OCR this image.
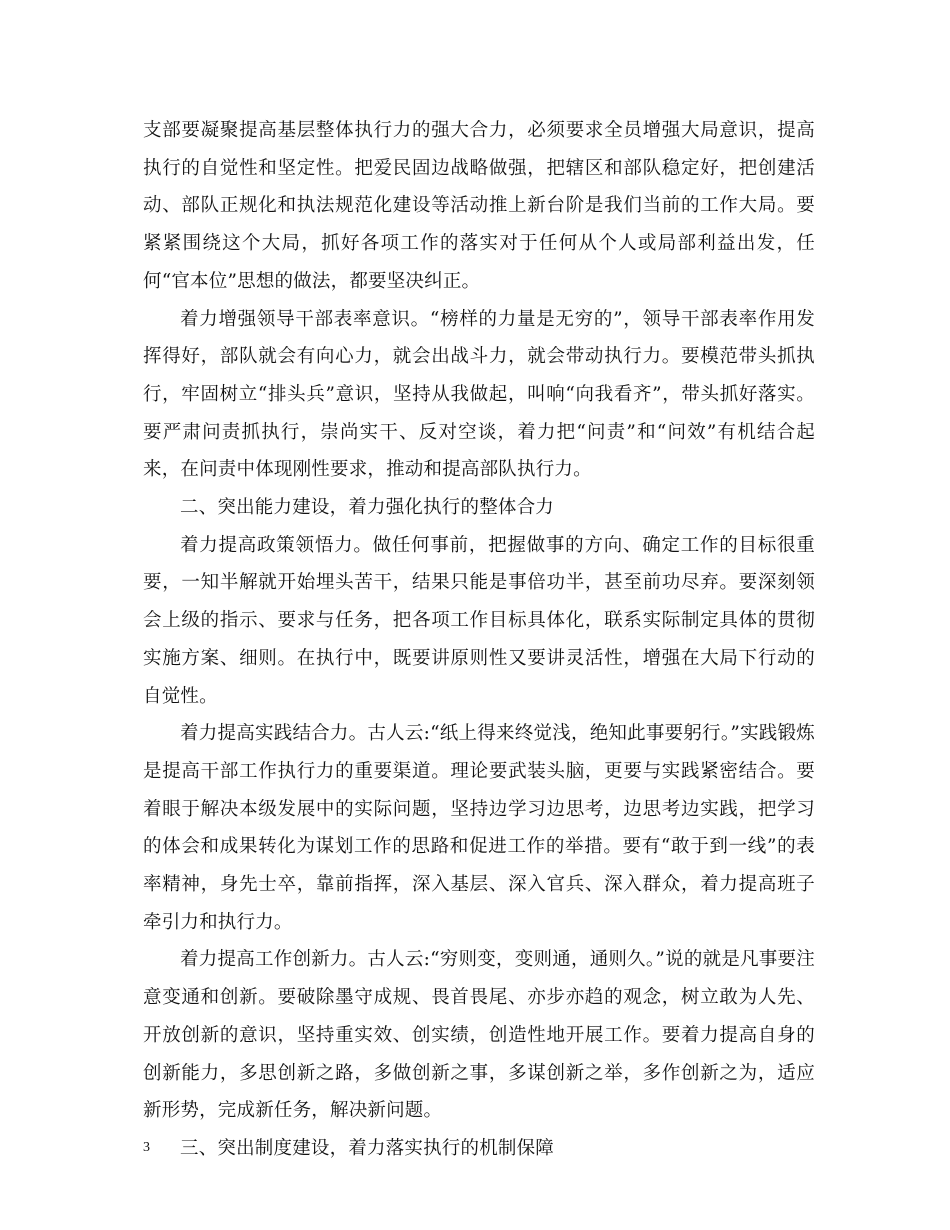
支部要凝聚提高基层整体执行力的强大合力，必须要求全员增强大局意识，提高执行的自觉性和坚定性。把爱民固边战略做强，把辖区和部队稳定好，把创建活动、部队正规化和执法规范化建设等活动推上新台阶是我们当前的工作大局。要紧紧围绕这个大局，抓好各项工作的落实对于任何从个人或局部利益出发，任何“官本位”思想的做法，都要坚决纠正。

着力增强领导干部表率意识。“榜样的力量是无穷的”，领导干部表率作用发挥得好，部队就会有向心力，就会出战斗力，就会带动执行力。要模范带头抓执行，牢固树立“排头兵”意识，坚持从我做起，叫响“向我看齐”，带头抓好落实。要严肃问责抓执行，崇尚实干、反对空谈，着力把“问责”和“问效”有机结合起来，在问责中体现刚性要求，推动和提高部队执行力。

二、突出能力建设，着力强化执行的整体合力

着力提高政策领悟力。做任何事前，把握做事的方向、确定工作的目标很重要，一知半解就开始埋头苦干，结果只能是事倍功半，甚至前功尽弃。要深刻领会上级的指示、要求与任务，把各项工作目标具体化，联系实际制定具体的贯彻实施方案、细则。在执行中，既要讲原则性又要讲灵活性，增强在大局下行动的自觉性。

着力提高实践结合力。古人云:“纸上得来终觉浅，绝知此事要躬行。”实践锻炼是提高干部工作执行力的重要渠道。理论要武装头脑，更要与实践紧密结合。要着眼于解决本级发展中的实际问题，坚持边学习边思考，边思考边实践，把学习的体会和成果转化为谋划工作的思路和促进工作的举措。要有“敢于到一线”的表率精神，身先士卒，靠前指挥，深入基层、深入官兵、深入群众，着力提高班子牵引力和执行力。

着力提高工作创新力。古人云:“穷则变，变则通，通则久。”说的就是凡事要注意变通和创新。要破除墨守成规、畏首畏尾、亦步亦趋的观念，树立敢为人先、开放创新的意识，坚持重实效、创实绩，创造性地开展工作。要着力提高自身的创新能力，多思创新之路，多做创新之事，多谋创新之举，多作创新之为，适应新形势，完成新任务，解决新问题。

三、突出制度建设，着力落实执行的机制保障

3
